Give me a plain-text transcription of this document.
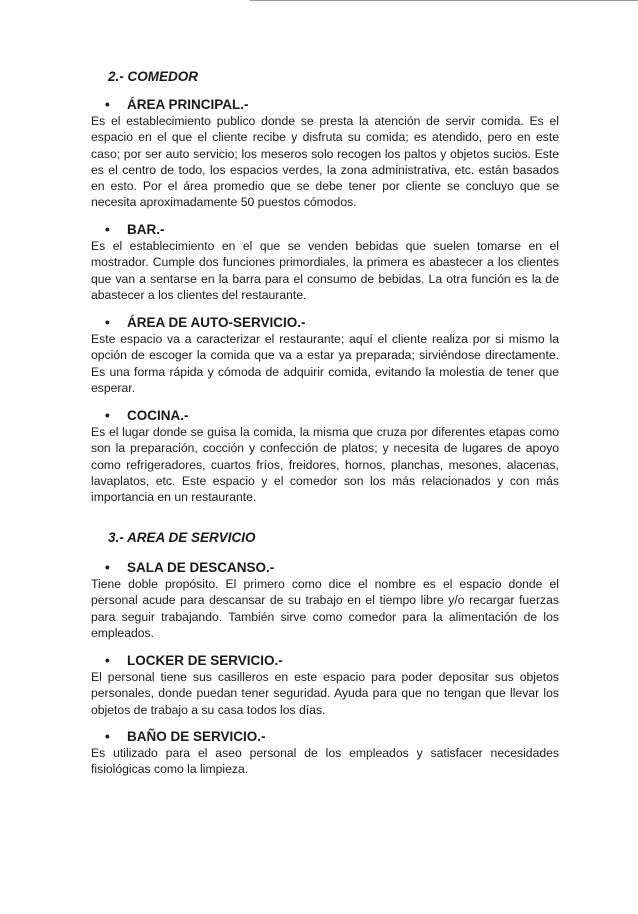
2.- COMEDOR
• ÁREA PRINCIPAL.-

Es el establecimiento publico donde se presta la atención de servir comida. Es el espacio en el que el cliente recibe y disfruta su comida; es atendido, pero en este caso; por ser auto servicio; los meseros solo recogen los paltos y objetos sucios. Este es el centro de todo, los espacios verdes, la zona administrativa, etc. están basados en esto. Por el área promedio que se debe tener por cliente se concluyo que se necesita aproximadamente 50 puestos cómodos.

• BAR.-

Es el establecimiento en el que se venden bebidas que suelen tomarse en el mostrador. Cumple dos funciones primordiales, la primera es abastecer a los clientes que van a sentarse en la barra para el consumo de bebidas. La otra función es la de abastecer a los clientes del restaurante.

• ÁREA DE AUTO-SERVICIO.-

Este espacio va a caracterizar el restaurante; aquí el cliente realiza por si mismo la opción de escoger la comida que va a estar ya preparada; sirviéndose directamente. Es una forma rápida y cómoda de adquirir comida, evitando la molestia de tener que esperar.

• COCINA.-

Es el lugar donde se guisa la comida, la misma que cruza por diferentes etapas como son la preparación, cocción y confección de platos; y necesita de lugares de apoyo como refrigeradores, cuartos fríos, freidores, hornos, planchas, mesones, alacenas, lavaplatos, etc. Este espacio y el comedor son los más relacionados y con más importancia en un restaurante.

3.- AREA DE SERVICIO
• SALA DE DESCANSO.-

Tiene doble propósito. El primero como dice el nombre es el espacio donde el personal acude para descansar de su trabajo en el tiempo libre y/o recargar fuerzas para seguir trabajando. También sirve como comedor para la alimentación de los empleados.

• LOCKER DE SERVICIO.-

El personal tiene sus casilleros en este espacio para poder depositar sus objetos personales, donde puedan tener seguridad. Ayuda para que no tengan que llevar los objetos de trabajo a su casa todos los días.

• BAÑO DE SERVICIO.-

Es utilizado para el aseo personal de los empleados y satisfacer necesidades fisiológicas como la limpieza.
